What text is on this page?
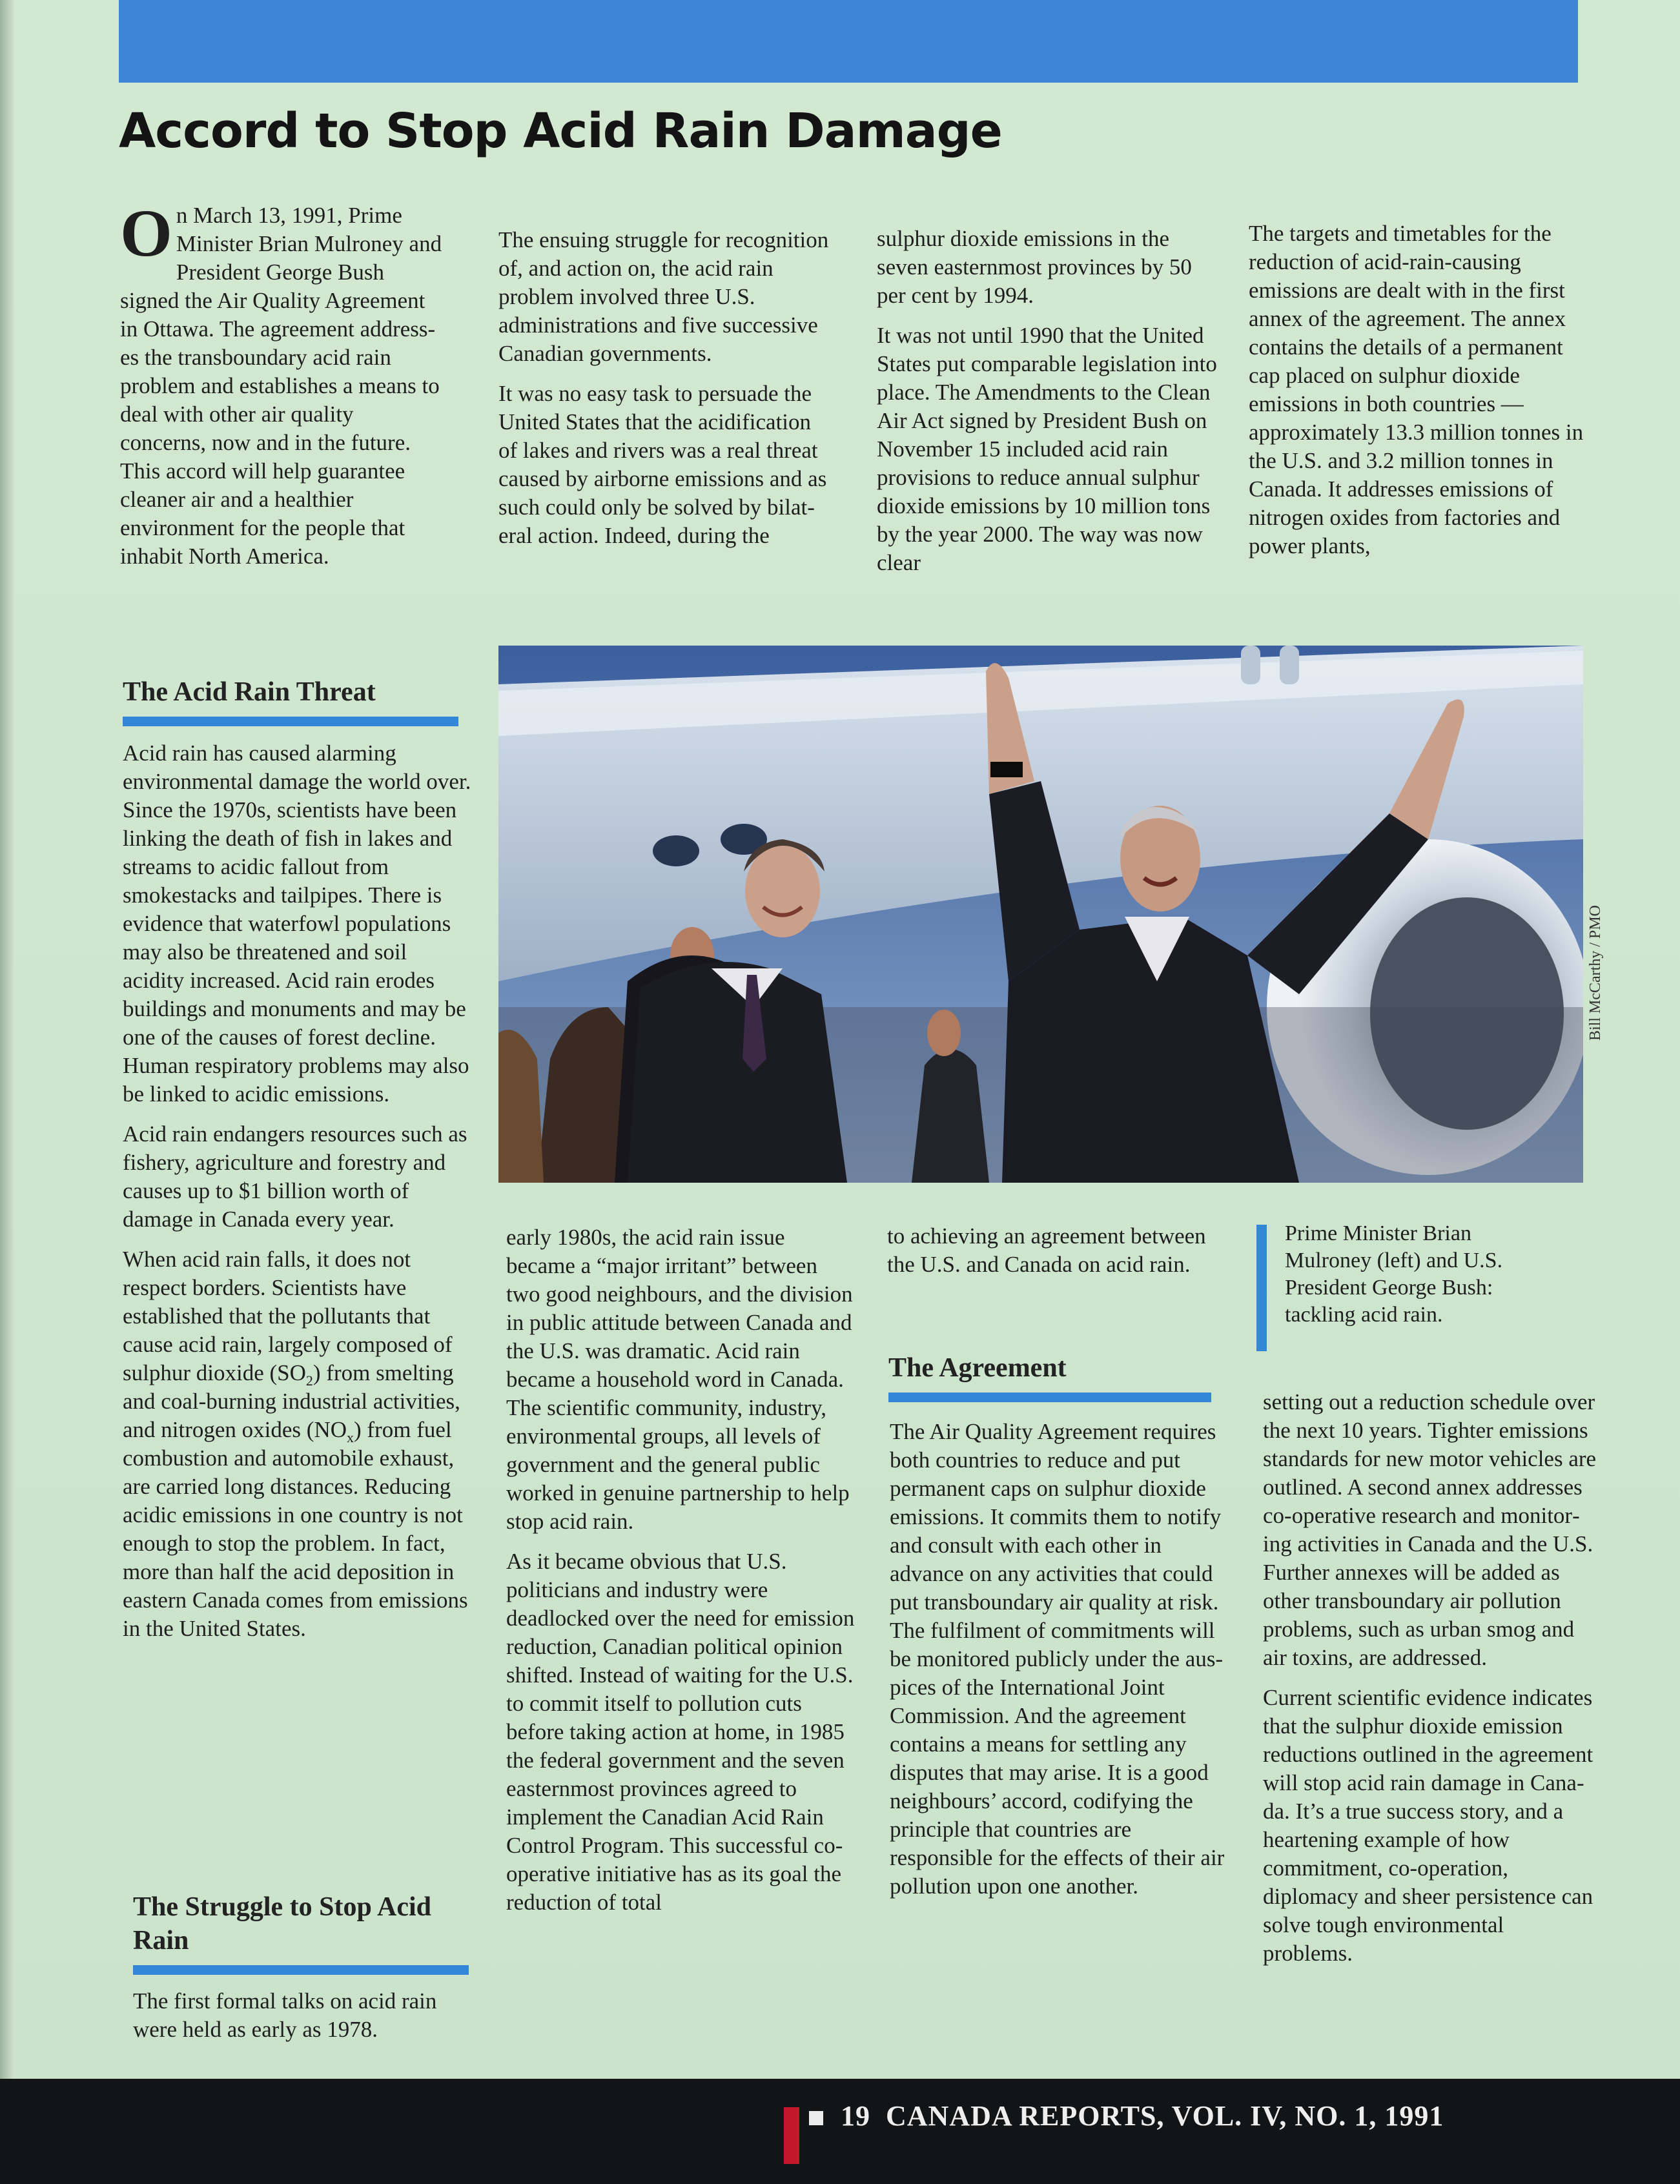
Accord to Stop Acid Rain Damage

On March 13, 1991, Prime Minister Brian Mulroney and President George Bush signed the Air Quality Agreement in Ottawa. The agreement addresses the transboundary acid rain problem and establishes a means to deal with other air quality concerns, now and in the future. This accord will help guarantee cleaner air and a healthier environment for the people that inhabit North America.

The ensuing struggle for recognition of, and action on, the acid rain problem involved three U.S. administrations and five successive Canadian governments.

It was no easy task to persuade the United States that the acidification of lakes and rivers was a real threat caused by airborne emissions and as such could only be solved by bilateral action. Indeed, during the

sulphur dioxide emissions in the seven easternmost provinces by 50 per cent by 1994.

It was not until 1990 that the United States put comparable legislation into place. The Amendments to the Clean Air Act signed by President Bush on November 15 included acid rain provisions to reduce annual sulphur dioxide emissions by 10 million tons by the year 2000. The way was now clear

The targets and timetables for the reduction of acid-rain-causing emissions are dealt with in the first annex of the agreement. The annex contains the details of a permanent cap placed on sulphur dioxide emissions in both countries — approximately 13.3 million tonnes in the U.S. and 3.2 million tonnes in Canada. It addresses emissions of nitrogen oxides from factories and power plants,

The Acid Rain Threat

Acid rain has caused alarming environmental damage the world over. Since the 1970s, scientists have been linking the death of fish in lakes and streams to acidic fallout from smokestacks and tailpipes. There is evidence that waterfowl populations may also be threatened and soil acidity increased. Acid rain erodes buildings and monuments and may be one of the causes of forest decline. Human respiratory problems may also be linked to acidic emissions.

Acid rain endangers resources such as fishery, agriculture and forestry and causes up to $1 billion worth of damage in Canada every year.

When acid rain falls, it does not respect borders. Scientists have established that the pollutants that cause acid rain, largely composed of sulphur dioxide $(SO_2)$ from smelting and coal-burning industrial activities, and nitrogen oxides $(NO_x)$ from fuel combustion and automobile exhaust, are carried long distances. Reducing acidic emissions in one country is not enough to stop the problem. In fact, more than half the acid deposition in eastern Canada comes from emissions in the United States.

The Struggle to Stop Acid Rain

The first formal talks on acid rain were held as early as 1978.

Bill McCarthy / PMO

early 1980s, the acid rain issue became a “major irritant” between two good neighbours, and the division in public attitude between Canada and the U.S. was dramatic. Acid rain became a household word in Canada. The scientific community, industry, environmental groups, all levels of government and the general public worked in genuine partnership to help stop acid rain.

As it became obvious that U.S. politicians and industry were deadlocked over the need for emission reduction, Canadian political opinion shifted. Instead of waiting for the U.S. to commit itself to pollution cuts before taking action at home, in 1985 the federal government and the seven easternmost provinces agreed to implement the Canadian Acid Rain Control Program. This successful co-operative initiative has as its goal the reduction of total

to achieving an agreement between the U.S. and Canada on acid rain.

The Agreement

The Air Quality Agreement requires both countries to reduce and put permanent caps on sulphur dioxide emissions. It commits them to notify and consult with each other in advance on any activities that could put transboundary air quality at risk. The fulfilment of commitments will be monitored publicly under the auspices of the International Joint Commission. And the agreement contains a means for settling any disputes that may arise. It is a good neighbours’ accord, codifying the principle that countries are responsible for the effects of their air pollution upon one another.

Prime Minister Brian Mulroney (left) and U.S. President George Bush: tackling acid rain.

setting out a reduction schedule over the next 10 years. Tighter emissions standards for new motor vehicles are outlined. A second annex addresses co-operative research and monitoring activities in Canada and the U.S. Further annexes will be added as other transboundary air pollution problems, such as urban smog and air toxins, are addressed.

Current scientific evidence indicates that the sulphur dioxide emission reductions outlined in the agreement will stop acid rain damage in Canada. It’s a true success story, and a heartening example of how commitment, co-operation, diplomacy and sheer persistence can solve tough environmental problems.

19  CANADA REPORTS, VOL. IV, NO. 1, 1991
